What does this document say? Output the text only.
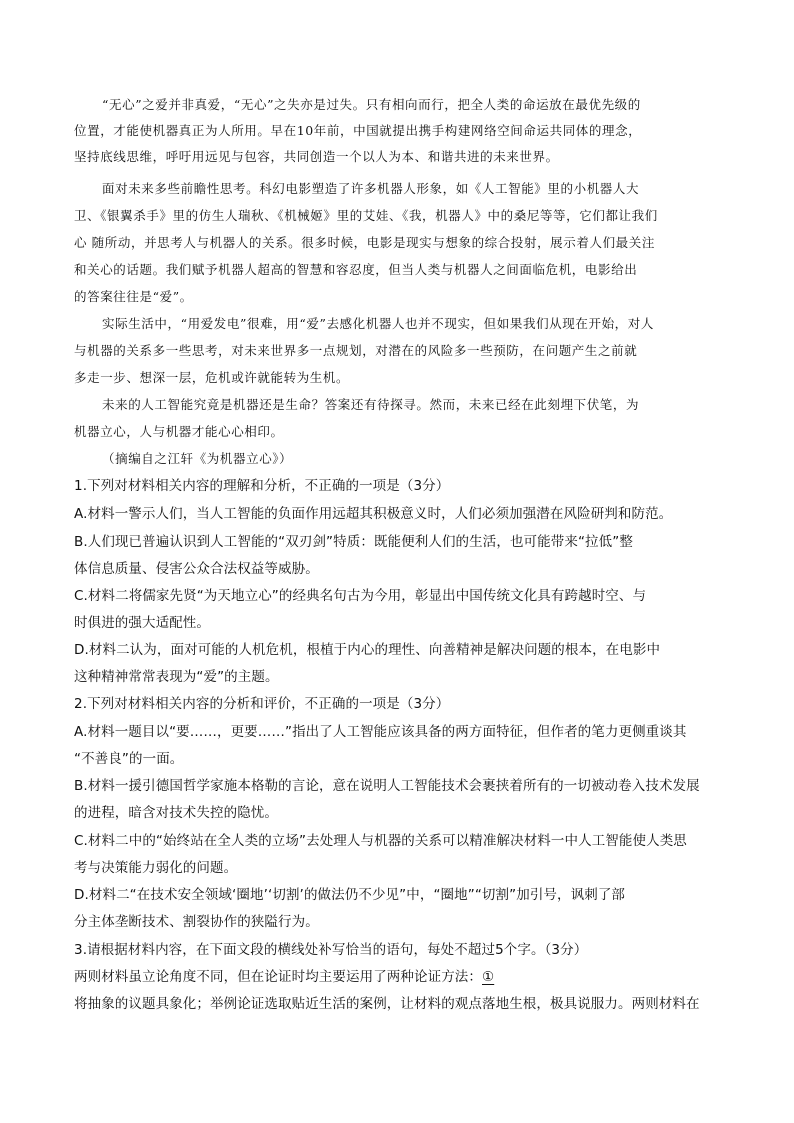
“无心”之爱并非真爱，“无心”之失亦是过失。只有相向而行，把全人类的命运放在最优先级的
位置，才能使机器真正为人所用。早在10年前，中国就提出携手构建网络空间命运共同体的理念，
坚持底线思维，呼吁用远见与包容，共同创造一个以人为本、和谐共进的未来世界。
面对未来多些前瞻性思考。科幻电影塑造了许多机器人形象，如《人工智能》里的小机器人大
卫、《银翼杀手》里的仿生人瑞秋、《机械姬》里的艾娃、《我，机器人》中的桑尼等等，它们都让我们
心 随所动，并思考人与机器人的关系。很多时候，电影是现实与想象的综合投射，展示着人们最关注
和关心的话题。我们赋予机器人超高的智慧和容忍度，但当人类与机器人之间面临危机，电影给出
的答案往往是“爱”。
实际生活中，“用爱发电”很难，用“爱”去感化机器人也并不现实，但如果我们从现在开始，对人
与机器的关系多一些思考，对未来世界多一点规划，对潜在的风险多一些预防，在问题产生之前就
多走一步、想深一层，危机或许就能转为生机。
未来的人工智能究竟是机器还是生命？答案还有待探寻。然而，未来已经在此刻埋下伏笔，为
机器立心，人与机器才能心心相印。
（摘编自之江轩《为机器立心》）
1.下列对材料相关内容的理解和分析，不正确的一项是（3分）
A.材料一警示人们，当人工智能的负面作用远超其积极意义时，人们必须加强潜在风险研判和防范。
B.人们现已普遍认识到人工智能的“双刃剑”特质：既能便利人们的生活，也可能带来“拉低”整
体信息质量、侵害公众合法权益等威胁。
C.材料二将儒家先贤“为天地立心”的经典名句古为今用，彰显出中国传统文化具有跨越时空、与
时俱进的强大适配性。
D.材料二认为，面对可能的人机危机，根植于内心的理性、向善精神是解决问题的根本，在电影中
这种精神常常表现为“爱”的主题。
2.下列对材料相关内容的分析和评价，不正确的一项是（3分）
A.材料一题目以“要……，更要……”指出了人工智能应该具备的两方面特征，但作者的笔力更侧重谈其
“不善良”的一面。
B.材料一援引德国哲学家施本格勒的言论，意在说明人工智能技术会裹挟着所有的一切被动卷入技术发展
的进程，暗含对技术失控的隐忧。
C.材料二中的“始终站在全人类的立场”去处理人与机器的关系可以精准解决材料一中人工智能使人类思
考与决策能力弱化的问题。
D.材料二“在技术安全领域‘圈地’‘切割’的做法仍不少见”中，“圈地”“切割”加引号，讽刺了部
分主体垄断技术、割裂协作的狭隘行为。
3.请根据材料内容，在下面文段的横线处补写恰当的语句，每处不超过5个字。（3分）
两则材料虽立论角度不同，但在论证时均主要运用了两种论证方法：①
将抽象的议题具象化；举例论证选取贴近生活的案例，让材料的观点落地生根，极具说服力。两则材料在
